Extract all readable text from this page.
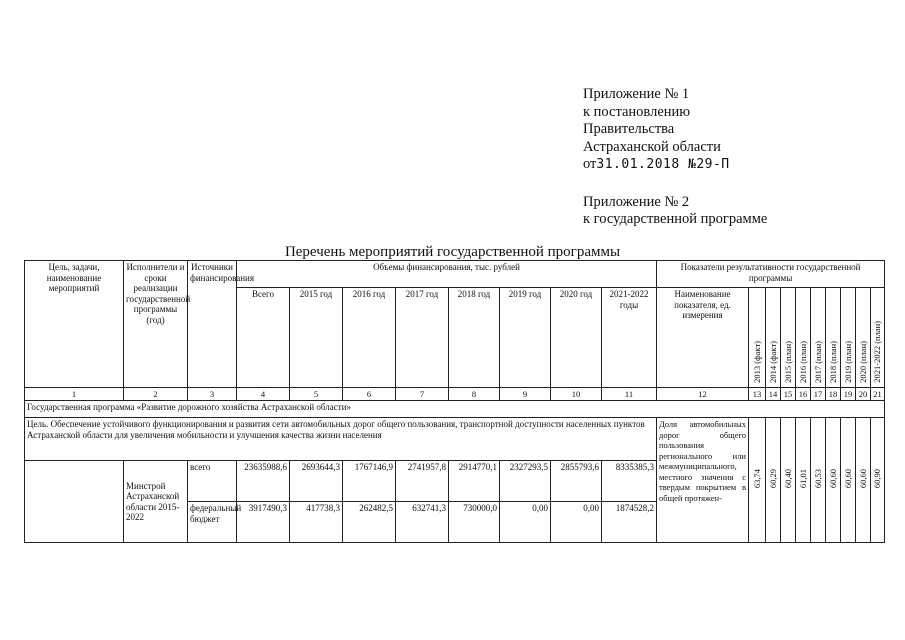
Приложение № 1
к постановлению
Правительства
Астраханской области
от31.01.2018 №29-П
Приложение № 2
к государственной программе
Перечень мероприятий государственной программы
Цель, задачи, наименование мероприятий	Исполнители и сроки реализации государственной программы (год)	Источники финансирования	Объемы финансирования, тыс. рублей								Показатели результативности государственной программы									
			Всего	2015 год	2016 год	2017 год	2018 год	2019 год	2020 год	2021-2022 годы	Наименование показателя, ед. измерения	2013 (факт)	2014 (факт)	2015 (план)	2016 (план)	2017 (план)	2018 (план)	2019 (план)	2020 (план)	2021-2022 (план)
1	2	3	4	5	6	7	8	9	10	11	12	13	14	15	16	17	18	19	20	21
Государственная программа «Развитие дорожного хозяйства Астраханской области»																				
Цель. Обеспечение устойчивого функционирования и развития сети автомобильных дорог общего пользования, транспортной доступности населенных пунктов Астраханской области для увеличения мобильности и улучшения качества жизни населения											Доля автомобильных дорог общего пользования регионального или межмуниципального, местного значения с твердым покрытием в общей протяжен-	63,74	60,29	60,40	61,01	60,53	60,60	60,60	60,60	60,90
	Минстрой Астраханской области 2015-2022	всего	23635988,6	2693644,3	1767146,9	2741957,8	2914770,1	2327293,5	2855793,6	8335385,3										
		федеральный бюджет	3917490,3	417738,3	262482,5	632741,3	730000,0	0,00	0,00	1874528,2										
